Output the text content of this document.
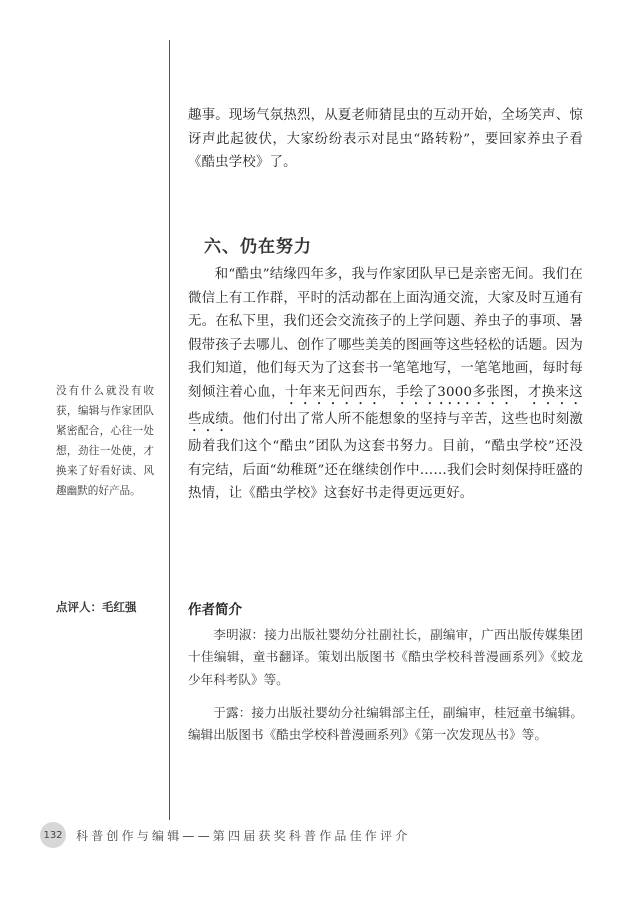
趣事。现场气氛热烈，从夏老师猜昆虫的互动开始，全场笑声、惊讶声此起彼伏，大家纷纷表示对昆虫“路转粉”，要回家养虫子看《酷虫学校》了。

六、仍在努力

和“酷虫”结缘四年多，我与作家团队早已是亲密无间。我们在微信上有工作群，平时的活动都在上面沟通交流，大家及时互通有无。在私下里，我们还会交流孩子的上学问题、养虫子的事项、暑假带孩子去哪儿、创作了哪些美美的图画等这些轻松的话题。因为我们知道，他们每天为了这套书一笔笔地写，一笔笔地画，每时每刻倾注着心血，十年来无问西东，手绘了3000多张图，才换来这些成绩。他们付出了常人所不能想象的坚持与辛苦，这些也时刻激励着我们这个“酷虫”团队为这套书努力。目前，“酷虫学校”还没有完结，后面“幼稚斑”还在继续创作中……我们会时刻保持旺盛的热情，让《酷虫学校》这套好书走得更远更好。

没有什么就没有收获，编辑与作家团队紧密配合，心往一处想，劲往一处使，才换来了好看好读、风趣幽默的好产品。

点评人：毛红强	作者简介

李明淑：接力出版社婴幼分社副社长，副编审，广西出版传媒集团十佳编辑，童书翻译。策划出版图书《酷虫学校科普漫画系列》《蛟龙少年科考队》等。

于露：接力出版社婴幼分社编辑部主任，副编审，桂冠童书编辑。编辑出版图书《酷虫学校科普漫画系列》《第一次发现丛书》等。

132 科普创作与编辑——第四届获奖科普作品佳作评介
